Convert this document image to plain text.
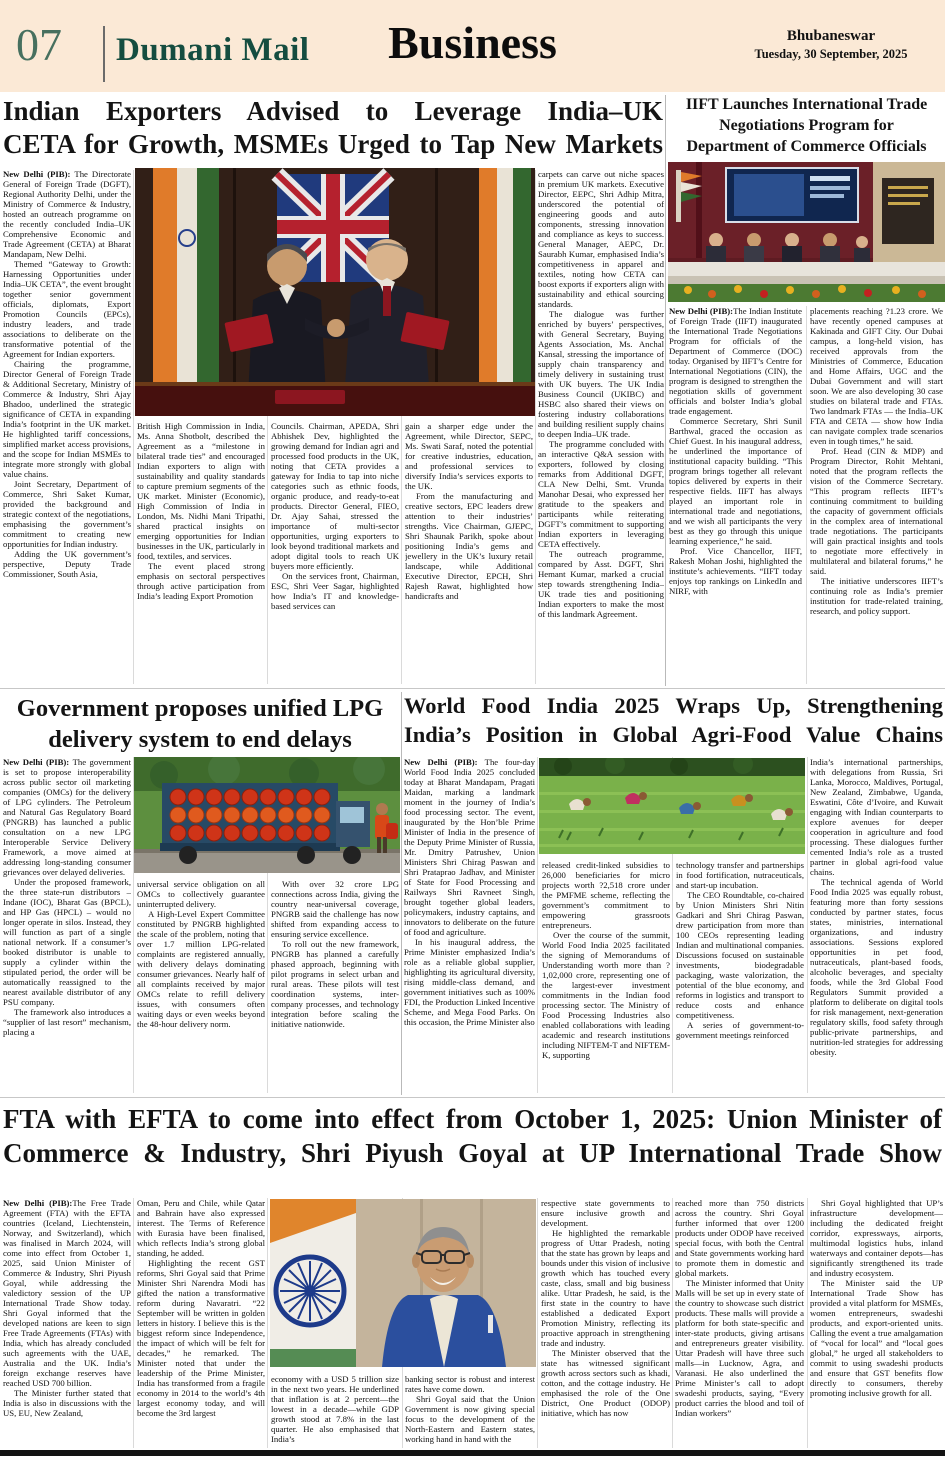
07 Dumani Mail	Business	Bhubaneswar
Tuesday, 30 September, 2025
Indian Exporters Advised to Leverage India–UK
CETA for Growth, MSMEs Urged to Tap New Markets

New Delhi (PIB): The Directorate General of Foreign Trade (DGFT), Regional Authority Delhi, under the Ministry of Commerce & Industry, hosted an outreach programme on the recently concluded India–UK Comprehensive Economic and Trade Agreement (CETA) at Bharat Mandapam, New Delhi.

Themed “Gateway to Growth: Harnessing Opportunities under India–UK CETA”, the event brought together senior government officials, diplomats, Export Promotion Councils (EPCs), industry leaders, and trade associations to deliberate on the transformative potential of the Agreement for Indian exporters.

Chairing the programme, Director General of Foreign Trade & Additional Secretary, Ministry of Commerce & Industry, Shri Ajay Bhadoo, underlined the strategic significance of CETA in expanding India’s footprint in the UK market. He highlighted tariff concessions, simplified market access provisions, and the scope for Indian MSMEs to integrate more strongly with global value chains.

Joint Secretary, Department of Commerce, Shri Saket Kumar, provided the background and strategic context of the negotiations, emphasising the government’s commitment to creating new opportunities for Indian industry.

Adding the UK government’s perspective, Deputy Trade Commissioner, South Asia,

British High Commission in India, Ms. Anna Shotbolt, described the Agreement as a “milestone in bilateral trade ties” and encouraged Indian exporters to align with sustainability and quality standards to capture premium segments of the UK market. Minister (Economic), High Commission of India in London, Ms. Nidhi Mani Tripathi, shared practical insights on emerging opportunities for Indian businesses in the UK, particularly in food, textiles, and services.

The event placed strong emphasis on sectoral perspectives through active participation from India’s leading Export Promotion

Councils. Chairman, APEDA, Shri Abhishek Dev, highlighted the growing demand for Indian agri and processed food products in the UK, noting that CETA provides a gateway for India to tap into niche categories such as ethnic foods, organic produce, and ready-to-eat products. Director General, FIEO, Dr. Ajay Sahai, stressed the importance of multi-sector opportunities, urging exporters to look beyond traditional markets and adopt digital tools to reach UK buyers more efficiently.

On the services front, Chairman, ESC, Shri Veer Sagar, highlighted how India’s IT and knowledge-based services can

gain a sharper edge under the Agreement, while Director, SEPC, Ms. Swati Saraf, noted the potential for creative industries, education, and professional services to diversify India’s services exports to the UK.

From the manufacturing and creative sectors, EPC leaders drew attention to their industries’ strengths. Vice Chairman, GJEPC, Shri Shaunak Parikh, spoke about positioning India’s gems and jewellery in the UK’s luxury retail landscape, while Additional Executive Director, EPCH, Shri Rajesh Rawat, highlighted how handicrafts and

carpets can carve out niche spaces in premium UK markets. Executive Director, EEPC, Shri Adhip Mitra, underscored the potential of engineering goods and auto components, stressing innovation and compliance as keys to success. General Manager, AEPC, Dr. Saurabh Kumar, emphasised India’s competitiveness in apparel and textiles, noting how CETA can boost exports if exporters align with sustainability and ethical sourcing standards.

The dialogue was further enriched by buyers’ perspectives, with General Secretary, Buying Agents Association, Ms. Anchal Kansal, stressing the importance of supply chain transparency and timely delivery in sustaining trust with UK buyers. The UK India Business Council (UKIBC) and HSBC also shared their views on fostering industry collaborations and building resilient supply chains to deepen India–UK trade.

The programme concluded with an interactive Q&A session with exporters, followed by closing remarks from Additional DGFT, CLA New Delhi, Smt. Vrunda Manohar Desai, who expressed her gratitude to the speakers and participants while reiterating DGFT’s commitment to supporting Indian exporters in leveraging CETA effectively.

The outreach programme, compared by Asst. DGFT, Shri Hemant Kumar, marked a crucial step towards strengthening India–UK trade ties and positioning Indian exporters to make the most of this landmark Agreement.

IIFT Launches International Trade
Negotiations Program for
Department of Commerce Officials

New Delhi (PIB):The Indian Institute of Foreign Trade (IIFT) inaugurated the International Trade Negotiations Program for officials of the Department of Commerce (DOC) today. Organised by IIFT’s Centre for International Negotiations (CIN), the program is designed to strengthen the negotiation skills of government officials and bolster India’s global trade engagement.

Commerce Secretary, Shri Sunil Barthwal, graced the occasion as Chief Guest. In his inaugural address, he underlined the importance of institutional capacity building. “This program brings together all relevant topics delivered by experts in their respective fields. IIFT has always played an important role in international trade and negotiations, and we wish all participants the very best as they go through this unique learning experience,” he said.

Prof. Vice Chancellor, IIFT, Rakesh Mohan Joshi, highlighted the institute’s achievements. “IIFT today enjoys top rankings on LinkedIn and NIRF, with

placements reaching ?1.23 crore. We have recently opened campuses at Kakinada and GIFT City. Our Dubai campus, a long-held vision, has received approvals from the Ministries of Commerce, Education and Home Affairs, UGC and the Dubai Government and will start soon. We are also developing 30 case studies on bilateral trade and FTAs. Two landmark FTAs — the India–UK FTA and CETA — show how India can navigate complex trade scenarios even in tough times,” he said.

Prof. Head (CIN & MDP) and Program Director, Rohit Mehtani, noted that the program reflects the vision of the Commerce Secretary. “This program reflects IIFT’s continuing commitment to building the capacity of government officials in the complex area of international trade negotiations. The participants will gain practical insights and tools to negotiate more effectively in multilateral and bilateral forums,” he said.

The initiative underscores IIFT’s continuing role as India’s premier institution for trade-related training, research, and policy support.

Government proposes unified LPG
delivery system to end delays

New Delhi (PIB): The government is set to propose interoperability across public sector oil marketing companies (OMCs) for the delivery of LPG cylinders. The Petroleum and Natural Gas Regulatory Board (PNGRB) has launched a public consultation on a new LPG Interoperable Service Delivery Framework, a move aimed at addressing long-standing consumer grievances over delayed deliveries.

Under the proposed framework, the three state-run distributors – Indane (IOC), Bharat Gas (BPCL), and HP Gas (HPCL) – would no longer operate in silos. Instead, they will function as part of a single national network. If a consumer’s booked distributor is unable to supply a cylinder within the stipulated period, the order will be automatically reassigned to the nearest available distributor of any PSU company.

The framework also introduces a “supplier of last resort” mechanism, placing a

universal service obligation on all OMCs to collectively guarantee uninterrupted delivery.

A High-Level Expert Committee constituted by PNGRB highlighted the scale of the problem, noting that over 1.7 million LPG-related complaints are registered annually, with delivery delays dominating consumer grievances. Nearly half of all complaints received by major OMCs relate to refill delivery issues, with consumers often waiting days or even weeks beyond the 48-hour delivery norm.

With over 32 crore LPG connections across India, giving the country near-universal coverage, PNGRB said the challenge has now shifted from expanding access to ensuring service excellence.

To roll out the new framework, PNGRB has planned a carefully phased approach, beginning with pilot programs in select urban and rural areas. These pilots will test coordination systems, inter-company processes, and technology integration before scaling the initiative nationwide.

World Food India 2025 Wraps Up, Strengthening
India’s Position in Global Agri-Food Value Chains

New Delhi (PIB): The four-day World Food India 2025 concluded today at Bharat Mandapam, Pragati Maidan, marking a landmark moment in the journey of India’s food processing sector. The event, inaugurated by the Hon’ble Prime Minister of India in the presence of the Deputy Prime Minister of Russia, Mr. Dmitry Patrushev, Union Ministers Shri Chirag Paswan and Shri Prataprao Jadhav, and Minister of State for Food Processing and Railways Shri Ravneet Singh, brought together global leaders, policymakers, industry captains, and innovators to deliberate on the future of food and agriculture.

In his inaugural address, the Prime Minister emphasized India’s role as a reliable global supplier, highlighting its agricultural diversity, rising middle-class demand, and government initiatives such as 100% FDI, the Production Linked Incentive Scheme, and Mega Food Parks. On this occasion, the Prime Minister also

released credit-linked subsidies to 26,000 beneficiaries for micro projects worth ?2,518 crore under the PMFME scheme, reflecting the government’s commitment to empowering grassroots entrepreneurs.

Over the course of the summit, World Food India 2025 facilitated the signing of Memorandums of Understanding worth more than ?1,02,000 crore, representing one of the largest-ever investment commitments in the Indian food processing sector. The Ministry of Food Processing Industries also enabled collaborations with leading academic and research institutions including NIFTEM-T and NIFTEM-K, supporting

technology transfer and partnerships in food fortification, nutraceuticals, and start-up incubation.

The CEO Roundtable, co-chaired by Union Ministers Shri Nitin Gadkari and Shri Chirag Paswan, drew participation from more than 100 CEOs representing leading Indian and multinational companies. Discussions focused on sustainable investments, biodegradable packaging, waste valorization, the potential of the blue economy, and reforms in logistics and transport to reduce costs and enhance competitiveness.

A series of government-to-government meetings reinforced

India’s international partnerships, with delegations from Russia, Sri Lanka, Morocco, Maldives, Portugal, New Zealand, Zimbabwe, Uganda, Eswatini, Côte d’Ivoire, and Kuwait engaging with Indian counterparts to explore avenues for deeper cooperation in agriculture and food processing. These dialogues further cemented India’s role as a trusted partner in global agri-food value chains.

The technical agenda of World Food India 2025 was equally robust, featuring more than forty sessions conducted by partner states, focus states, ministries, international organizations, and industry associations. Sessions explored opportunities in pet food, nutraceuticals, plant-based foods, alcoholic beverages, and specialty foods, while the 3rd Global Food Regulators Summit provided a platform to deliberate on digital tools for risk management, next-generation regulatory skills, food safety through public-private partnerships, and nutrition-led strategies for addressing obesity.

FTA with EFTA to come into effect from October 1, 2025: Union Minister of
Commerce & Industry, Shri Piyush Goyal at UP International Trade Show

New Delhi (PIB):The Free Trade Agreement (FTA) with the EFTA countries (Iceland, Liechtenstein, Norway, and Switzerland), which was finalised in March 2024, will come into effect from October 1, 2025, said Union Minister of Commerce & Industry, Shri Piyush Goyal, while addressing the valedictory session of the UP International Trade Show today. Shri Goyal informed that the developed nations are keen to sign Free Trade Agreements (FTAs) with India, which has already concluded such agreements with the UAE, Australia and the UK. India’s foreign exchange reserves have reached USD 700 billion.

The Minister further stated that India is also in discussions with the US, EU, New Zealand,

Oman, Peru and Chile, while Qatar and Bahrain have also expressed interest. The Terms of Reference with Eurasia have been finalised, which reflects India’s strong global standing, he added.

Highlighting the recent GST reforms, Shri Goyal said that Prime Minister Shri Narendra Modi has gifted the nation a transformative reform during Navaratri. “22 September will be written in golden letters in history. I believe this is the biggest reform since Independence, the impact of which will be felt for decades,” he remarked. The Minister noted that under the leadership of the Prime Minister, India has transformed from a fragile economy in 2014 to the world’s 4th largest economy today, and will become the 3rd largest

economy with a USD 5 trillion size in the next two years. He underlined that inflation is at 2 percent—the lowest in a decade—while GDP growth stood at 7.8% in the last quarter. He also emphasised that India’s

banking sector is robust and interest rates have come down.

Shri Goyal said that the Union Government is now giving special focus to the development of the North-Eastern and Eastern states, working hand in hand with the

respective state governments to ensure inclusive growth and development.

He highlighted the remarkable progress of Uttar Pradesh, noting that the state has grown by leaps and bounds under this vision of inclusive growth which has touched every caste, class, small and big business alike. Uttar Pradesh, he said, is the first state in the country to have established a dedicated Export Promotion Ministry, reflecting its proactive approach in strengthening trade and industry.

The Minister observed that the state has witnessed significant growth across sectors such as khadi, cotton, and the cottage industry. He emphasised the role of the One District, One Product (ODOP) initiative, which has now

reached more than 750 districts across the country. Shri Goyal further informed that over 1200 products under ODOP have received special focus, with both the Central and State governments working hard to promote them in domestic and global markets.

The Minister informed that Unity Malls will be set up in every state of the country to showcase such district products. These malls will provide a platform for both state-specific and inter-state products, giving artisans and entrepreneurs greater visibility. Uttar Pradesh will have three such malls—in Lucknow, Agra, and Varanasi. He also underlined the Prime Minister’s call to adopt swadeshi products, saying, “Every product carries the blood and toil of Indian workers”

Shri Goyal highlighted that UP’s infrastructure development—including the dedicated freight corridor, expressways, airports, multimodal logistics hubs, inland waterways and container depots—has significantly strengthened its trade and industry ecosystem.

The Minister said the UP International Trade Show has provided a vital platform for MSMEs, women entrepreneurs, swadeshi products, and export-oriented units. Calling the event a true amalgamation of “vocal for local” and “local goes global,” he urged all stakeholders to commit to using swadeshi products and ensure that GST benefits flow directly to consumers, thereby promoting inclusive growth for all.
